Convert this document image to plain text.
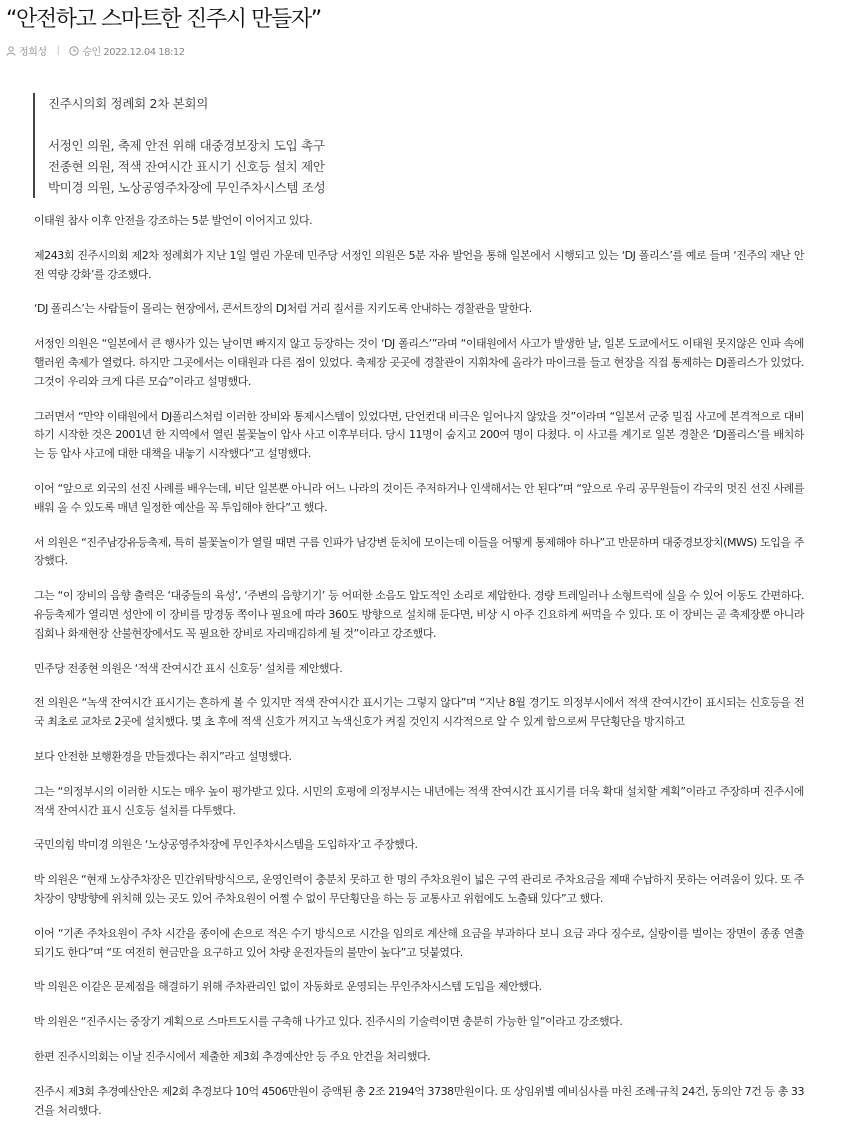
“안전하고 스마트한 진주시 만들자”
정희성 | 승인 2022.12.04 18:12
진주시의회 정례회 2차 본회의
서정인 의원, 축제 안전 위해 대중경보장치 도입 촉구
전종현 의원, 적색 잔여시간 표시기 신호등 설치 제안
박미경 의원, 노상공영주차장에 무인주차시스템 조성

이태원 참사 이후 안전을 강조하는 5분 발언이 이어지고 있다.

제243회 진주시의회 제2차 정례회가 지난 1일 열린 가운데 민주당 서정인 의원은 5분 자유 발언을 통해 일본에서 시행되고 있는 ‘DJ 폴리스’를 예로 들며 ‘진주의 재난 안전 역량 강화’를 강조했다.

‘DJ 폴리스’는 사람들이 몰리는 현장에서, 콘서트장의 DJ처럼 거리 질서를 지키도록 안내하는 경찰관을 말한다.

서정인 의원은 “일본에서 큰 행사가 있는 날이면 빠지지 않고 등장하는 것이 ‘DJ 폴리스’”라며 “이태원에서 사고가 발생한 날, 일본 도쿄에서도 이태원 못지않은 인파 속에 핼러윈 축제가 열렸다. 하지만 그곳에서는 이태원과 다른 점이 있었다. 축제장 곳곳에 경찰관이 지휘차에 올라가 마이크를 들고 현장을 직접 통제하는 DJ폴리스가 있었다. 그것이 우리와 크게 다른 모습”이라고 설명했다.

그러면서 “만약 이태원에서 DJ폴리스처럼 이러한 장비와 통제시스템이 있었다면, 단언컨대 비극은 일어나지 않았을 것”이라며 “일본서 군중 밀집 사고에 본격적으로 대비하기 시작한 것은 2001년 한 지역에서 열린 불꽃놀이 압사 사고 이후부터다. 당시 11명이 숨지고 200여 명이 다쳤다. 이 사고를 계기로 일본 경찰은 ‘DJ폴리스’를 배치하는 등 압사 사고에 대한 대책을 내놓기 시작했다”고 설명했다.

이어 “앞으로 외국의 선진 사례를 배우는데, 비단 일본뿐 아니라 어느 나라의 것이든 주저하거나 인색해서는 안 된다”며 “앞으로 우리 공무원들이 각국의 멋진 선진 사례를 배워 올 수 있도록 매년 일정한 예산을 꼭 투입해야 한다”고 했다.

서 의원은 “진주남강유등축제, 특히 불꽃놀이가 열릴 때면 구름 인파가 남강변 둔치에 모이는데 이들을 어떻게 통제해야 하나”고 반문하며 대중경보장치(MWS) 도입을 주장했다.

그는 “이 장비의 음향 출력은 ‘대중들의 육성’, ‘주변의 음향기기’ 등 어떠한 소음도 압도적인 소리로 제압한다. 경량 트레일러나 소형트럭에 실을 수 있어 이동도 간편하다. 유등축제가 열리면 성안에 이 장비를 망경동 쪽이나 필요에 따라 360도 방향으로 설치해 둔다면, 비상 시 아주 긴요하게 써먹을 수 있다. 또 이 장비는 곧 축제장뿐 아니라 집회나 화재현장 산불현장에서도 꼭 필요한 장비로 자리매김하게 될 것”이라고 강조했다.

민주당 전종현 의원은 ‘적색 잔여시간 표시 신호등’ 설치를 제안했다.

전 의원은 “녹색 잔여시간 표시기는 흔하게 볼 수 있지만 적색 잔여시간 표시기는 그렇지 않다”며 “지난 8월 경기도 의정부시에서 적색 잔여시간이 표시되는 신호등을 전국 최초로 교차로 2곳에 설치했다. 몇 초 후에 적색 신호가 꺼지고 녹색신호가 켜질 것인지 시각적으로 알 수 있게 함으로써 무단횡단을 방지하고

보다 안전한 보행환경을 만들겠다는 취지”라고 설명했다.

그는 “의정부시의 이러한 시도는 매우 높이 평가받고 있다. 시민의 호평에 의정부시는 내년에는 적색 잔여시간 표시기를 더욱 확대 설치할 계획”이라고 주장하며 진주시에 적색 잔여시간 표시 신호등 설치를 다투했다.

국민의힘 박미경 의원은 ‘노상공영주차장에 무인주차시스템을 도입하자’고 주장했다.

박 의원은 “현재 노상주차장은 민간위탁방식으로, 운영인력이 충분치 못하고 한 명의 주차요원이 넓은 구역 관리로 주차요금을 제때 수납하지 못하는 어려움이 있다. 또 주차장이 양방향에 위치해 있는 곳도 있어 주차요원이 어쩔 수 없이 무단횡단을 하는 등 교통사고 위험에도 노출돼 있다”고 했다.

이어 “기존 주차요원이 주차 시간을 종이에 손으로 적은 수기 방식으로 시간을 임의로 계산해 요금을 부과하다 보니 요금 과다 징수로, 실랑이를 벌이는 장면이 종종 연출되기도 한다”며 “또 여전히 현금만을 요구하고 있어 차량 운전자들의 불만이 높다”고 덧붙였다.

박 의원은 이같은 문제점을 해결하기 위해 주차관리인 없이 자동화로 운영되는 무인주차시스템 도입을 제안했다.

박 의원은 “진주시는 중장기 계획으로 스마트도시를 구축해 나가고 있다. 진주시의 기술력이면 충분히 가능한 일”이라고 강조했다.

한편 진주시의회는 이날 진주시에서 제출한 제3회 추경예산안 등 주요 안건을 처리했다.

진주시 제3회 추경예산안은 제2회 추경보다 10억 4506만원이 증액된 총 2조 2194억 3738만원이다. 또 상임위별 예비심사를 마친 조례·규칙 24건, 동의안 7건 등 총 33건을 처리했다.
